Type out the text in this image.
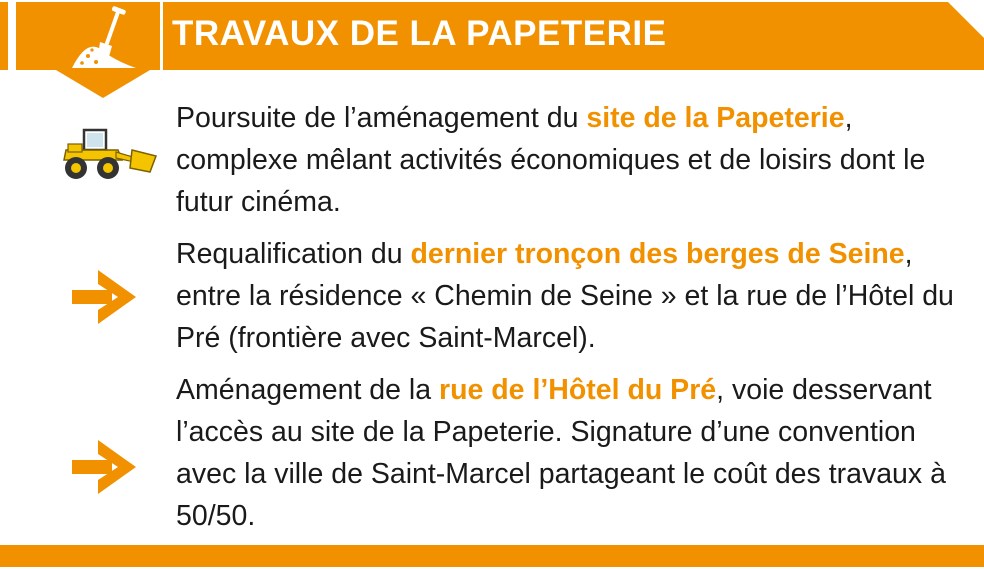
TRAVAUX DE LA PAPETERIE
Poursuite de l’aménagement du site de la Papeterie, complexe mêlant activités économiques et de loisirs dont le futur cinéma.
Requalification du dernier tronçon des berges de Seine, entre la résidence « Chemin de Seine » et la rue de l’Hôtel du Pré (frontière avec Saint-Marcel).
Aménagement de la rue de l’Hôtel du Pré, voie desservant l’accès au site de la Papeterie. Signature d’une convention avec la ville de Saint-Marcel partageant le coût des travaux à 50/50.
